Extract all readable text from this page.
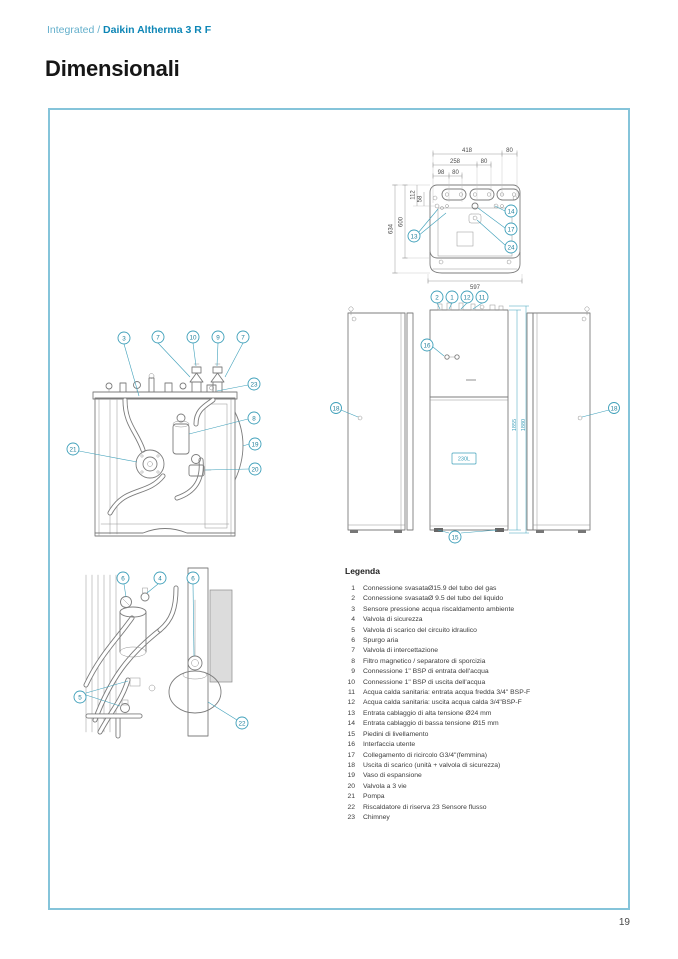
Integrated / Daikin Altherma 3 R F
Dimensionali
418	80
258	80
98 80
634
600
112 58
597
13
14
17
24
230L
1855 1880
2 1 12 11
16
18	18
15
3	7	10	9	7
23
8
19
20
21
6	4	6
5
22
Legenda
1	Connessione svasataØ15.9 del tubo del gas
2	Connessione svasataØ 9.5 del tubo del liquido
3	Sensore pressione acqua riscaldamento ambiente
4	Valvola di sicurezza
5	Valvola di scarico del circuito idraulico
6	Spurgo aria
7	Valvola di intercettazione
8	Filtro magnetico / separatore di sporcizia
9	Connessione 1" BSP di entrata dell'acqua
10	Connessione 1" BSP di uscita dell'acqua
11	Acqua calda sanitaria: entrata acqua fredda 3/4" BSP-F
12	Acqua calda sanitaria: uscita acqua calda 3/4"BSP-F
13	Entrata cablaggio di alta tensione Ø24 mm
14	Entrata cablaggio di bassa tensione Ø15 mm
15	Piedini di livellamento
16	Interfaccia utente
17	Collegamento di ricircolo G3/4"(femmina)
18	Uscita di scarico (unità + valvola di sicurezza)
19	Vaso di espansione
20	Valvola a 3 vie
21	Pompa
22	Riscaldatore di riserva 23 Sensore flusso
23	Chimney
19
